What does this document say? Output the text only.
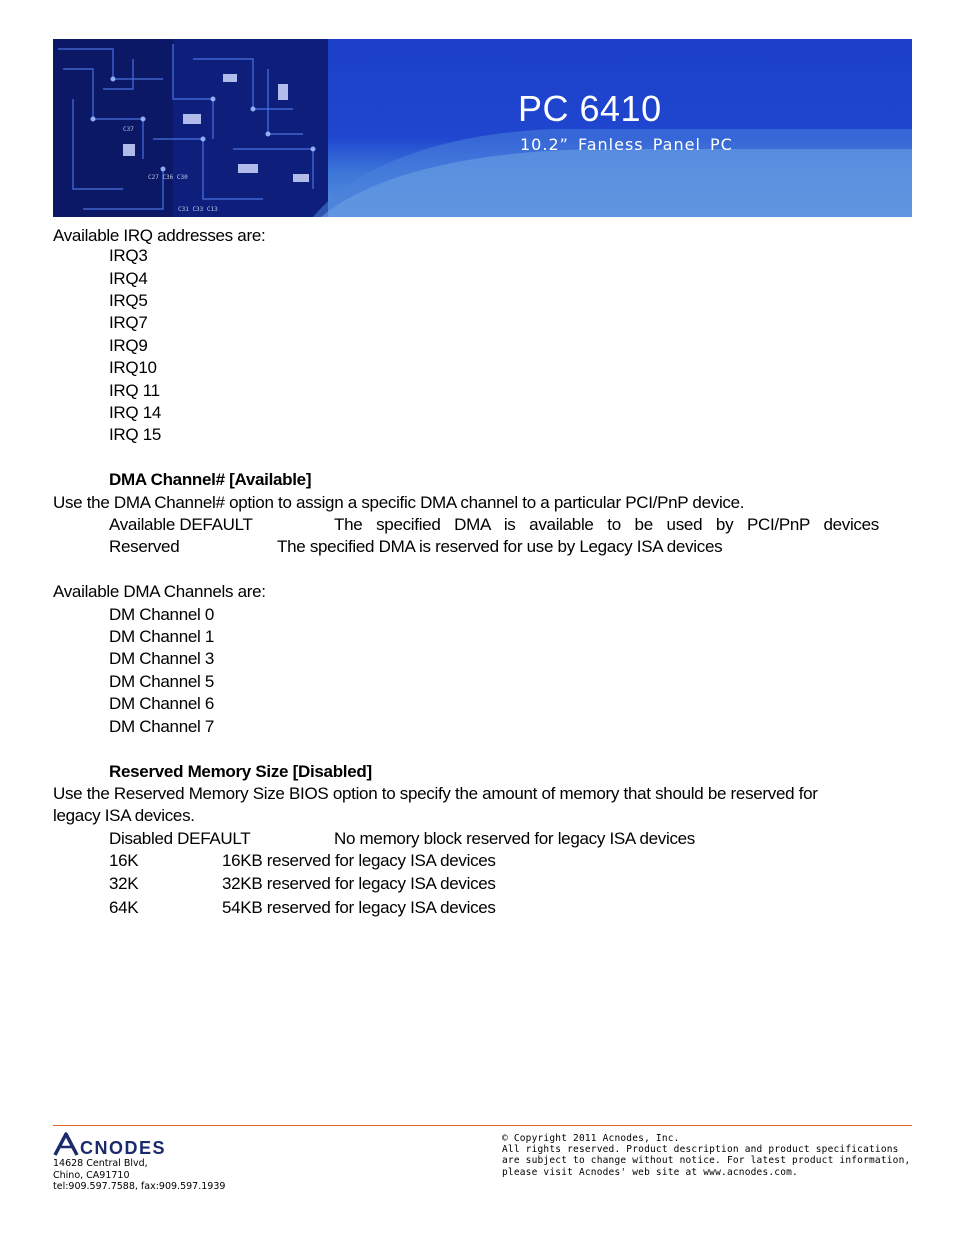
C37
C27 C36 C30
C31 C33 C13
PC 6410
10.2” Fanless Panel PC
Available IRQ addresses are:
IRQ3
IRQ4
IRQ5
IRQ7
IRQ9
IRQ10
IRQ 11
IRQ 14
IRQ 15
DMA Channel# [Available]
Use the DMA Channel# option to assign a specific DMA channel to a particular PCI/PnP device.
Available DEFAULT	The specified DMA is available to be used by PCI/PnP devices
Reserved	The specified DMA is reserved for use by Legacy ISA devices
Available DMA Channels are:
DM Channel 0
DM Channel 1
DM Channel 3
DM Channel 5
DM Channel 6
DM Channel 7
Reserved Memory Size [Disabled]
Use the Reserved Memory Size BIOS option to specify the amount of memory that should be reserved for
legacy ISA devices.
Disabled DEFAULT	No memory block reserved for legacy ISA devices
16K	16KB reserved for legacy ISA devices
32K	32KB reserved for legacy ISA devices
64K	54KB reserved for legacy ISA devices
CNODES
14628 Central Blvd,
Chino, CA91710
tel:909.597.7588, fax:909.597.1939
© Copyright 2011 Acnodes, Inc.
All rights reserved. Product description and product specifications
are subject to change without notice. For latest product information,
please visit Acnodes' web site at www.acnodes.com.
